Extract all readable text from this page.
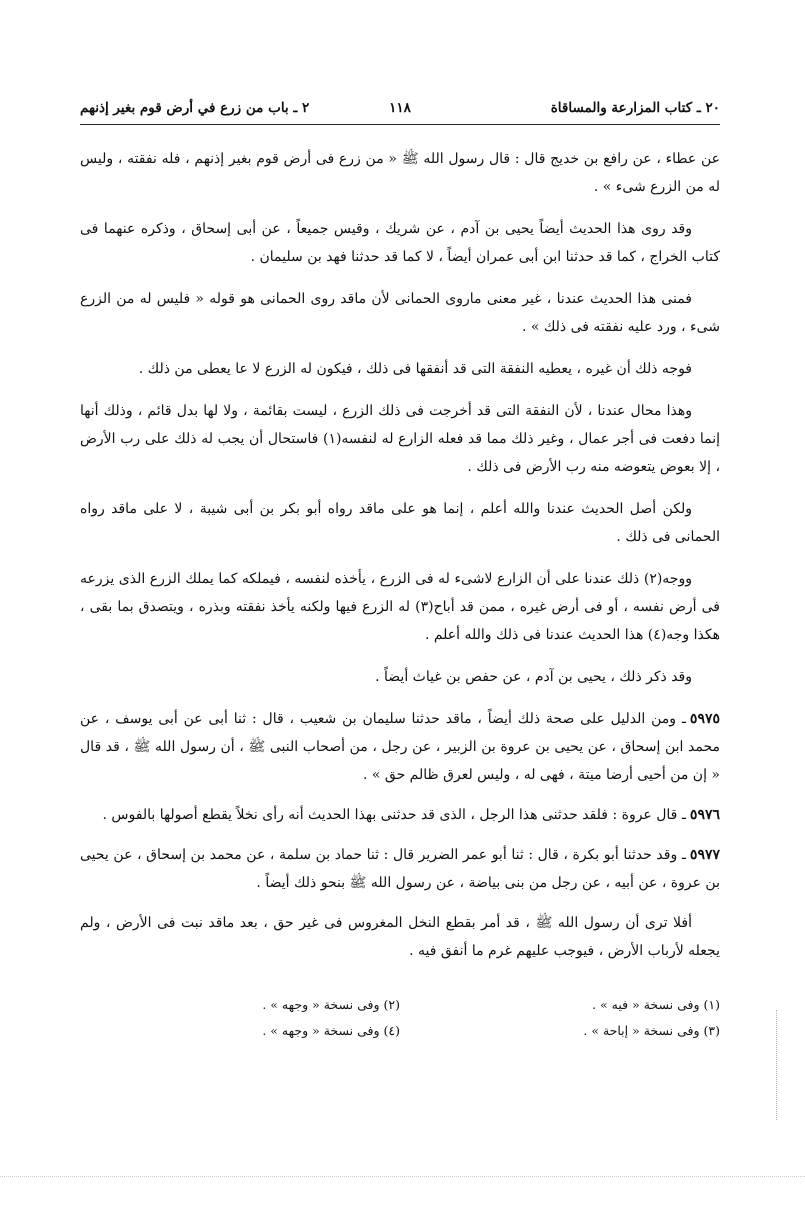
٢٠ ـ كتاب المزارعة والمساقاة
١١٨
٢ ـ باب من زرع في أرض قوم بغير إذنهم

عن عطاء ، عن رافع بن خديج قال : قال رسول الله ﷺ « من زرع فى أرض قوم بغير إذنهم ، فله نفقته ، وليس له من الزرع شىء » .

وقد روى هذا الحديث أيضاً يحيى بن آدم ، عن شريك ، وقيس جميعاً ، عن أبى إسحاق ، وذكره عنهما فى كتاب الخراج ، كما قد حدثنا ابن أبى عمران أيضاً ، لا كما قد حدثنا فهد بن سليمان .

فمنى هذا الحديث عندنا ، غير معنى ماروى الحمانى لأن ماقد روى الحمانى هو قوله « فليس له من الزرع شىء ، ورد عليه نفقته فى ذلك » .

فوجه ذلك أن غيره ، يعطيه النفقة التى قد أنفقها فى ذلك ، فيكون له الزرع لا عا يعطى من ذلك .

وهذا محال عندنا ، لأن النفقة التى قد أخرجت فى ذلك الزرع ، ليست بقائمة ، ولا لها بدل قائم ، وذلك أنها إنما دفعت فى أجر عمال ، وغير ذلك مما قد فعله الزارع له لنفسه(١) فاستحال أن يجب له ذلك على رب الأرض ، إلا بعوض يتعوضه منه رب الأرض فى ذلك .

ولكن أصل الحديث عندنا والله أعلم ، إنما هو على ماقد رواه أبو بكر بن أبى شيبة ، لا على ماقد رواه الحمانى فى ذلك .

ووجه(٢) ذلك عندنا على أن الزارع لاشىء له فى الزرع ، يأخذه لنفسه ، فيملكه كما يملك الزرع الذى يزرعه فى أرض نفسه ، أو فى أرض غيره ، ممن قد أباح(٣) له الزرع فيها ولكنه يأخذ نفقته وبذره ، ويتصدق بما بقى ، هكذا وجه(٤) هذا الحديث عندنا فى ذلك والله أعلم .

وقد ذكر ذلك ، يحيى بن آدم ، عن حفص بن غياث أيضاً .

٥٩٧٥ـ ومن الدليل على صحة ذلك أيضاً ، ماقد حدثنا سليمان بن شعيب ، قال : ثنا أبى عن أبى يوسف ، عن محمد ابن إسحاق ، عن يحيى بن عروة بن الزبير ، عن رجل ، من أصحاب النبى ﷺ ، أن رسول الله ﷺ ، قد قال « إن من أحيى أرضا ميتة ، فهى له ، وليس لعرق ظالم حق » .

٥٩٧٦ـ قال عروة : فلقد حدثنى هذا الرجل ، الذى قد حدثنى بهذا الحديث أنه رأى نخلاً يقطع أصولها بالفوس .

٥٩٧٧ـ وقد حدثنا أبو بكرة ، قال : ثنا أبو عمر الضرير قال : ثنا حماد بن سلمة ، عن محمد بن إسحاق ، عن يحيى بن عروة ، عن أبيه ، عن رجل من بنى بياضة ، عن رسول الله ﷺ بنحو ذلك أيضاً .

أفلا ترى أن رسول الله ﷺ ، قد أمر بقطع النخل المغروس فى غير حق ، بعد ماقد نبت فى الأرض ، ولم يجعله لأرباب الأرض ، فيوجب عليهم غرم ما أنفق فيه .

(١) وفى نسخة « فيه » .
(٢) وفى نسخة « وجهه » .
(٣) وفى نسخة « إباحة » .
(٤) وفى نسخة « وجهه » .
